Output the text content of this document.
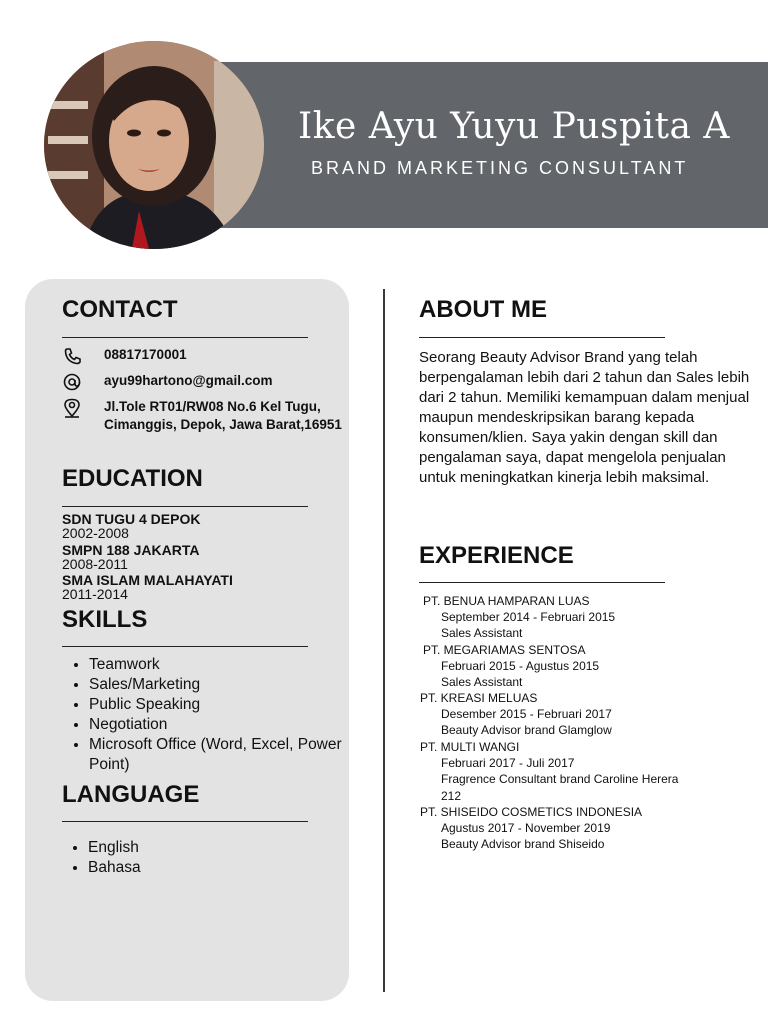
Ike Ayu Yuyu Puspita A
BRAND MARKETING CONSULTANT
CONTACT
08817170001
ayu99hartono@gmail.com
Jl.Tole RT01/RW08 No.6 Kel Tugu, Cimanggis, Depok, Jawa Barat,16951
EDUCATION
SDN TUGU 4 DEPOK
2002-2008
SMPN 188 JAKARTA
2008-2011
SMA ISLAM MALAHAYATI
2011-2014
SKILLS
• Teamwork
• Sales/Marketing
• Public Speaking
• Negotiation
• Microsoft Office (Word, Excel, Power Point)
LANGUAGE
• English
• Bahasa
ABOUT ME
Seorang Beauty Advisor Brand yang telah berpengalaman lebih dari 2 tahun dan Sales lebih dari 2 tahun. Memiliki kemampuan dalam menjual maupun mendeskripsikan barang kepada konsumen/klien. Saya yakin dengan skill dan pengalaman saya, dapat mengelola penjualan untuk meningkatkan kinerja lebih maksimal.
EXPERIENCE
PT. BENUA HAMPARAN LUAS
September 2014 - Februari 2015
Sales Assistant
PT. MEGARIAMAS SENTOSA
Februari 2015 - Agustus 2015
Sales Assistant
PT. KREASI MELUAS
Desember 2015 - Februari 2017
Beauty Advisor brand Glamglow
PT. MULTI WANGI
Februari 2017 - Juli 2017
Fragrence Consultant brand Caroline Herera 212
PT. SHISEIDO COSMETICS INDONESIA
Agustus 2017 - November 2019
Beauty Advisor brand Shiseido
